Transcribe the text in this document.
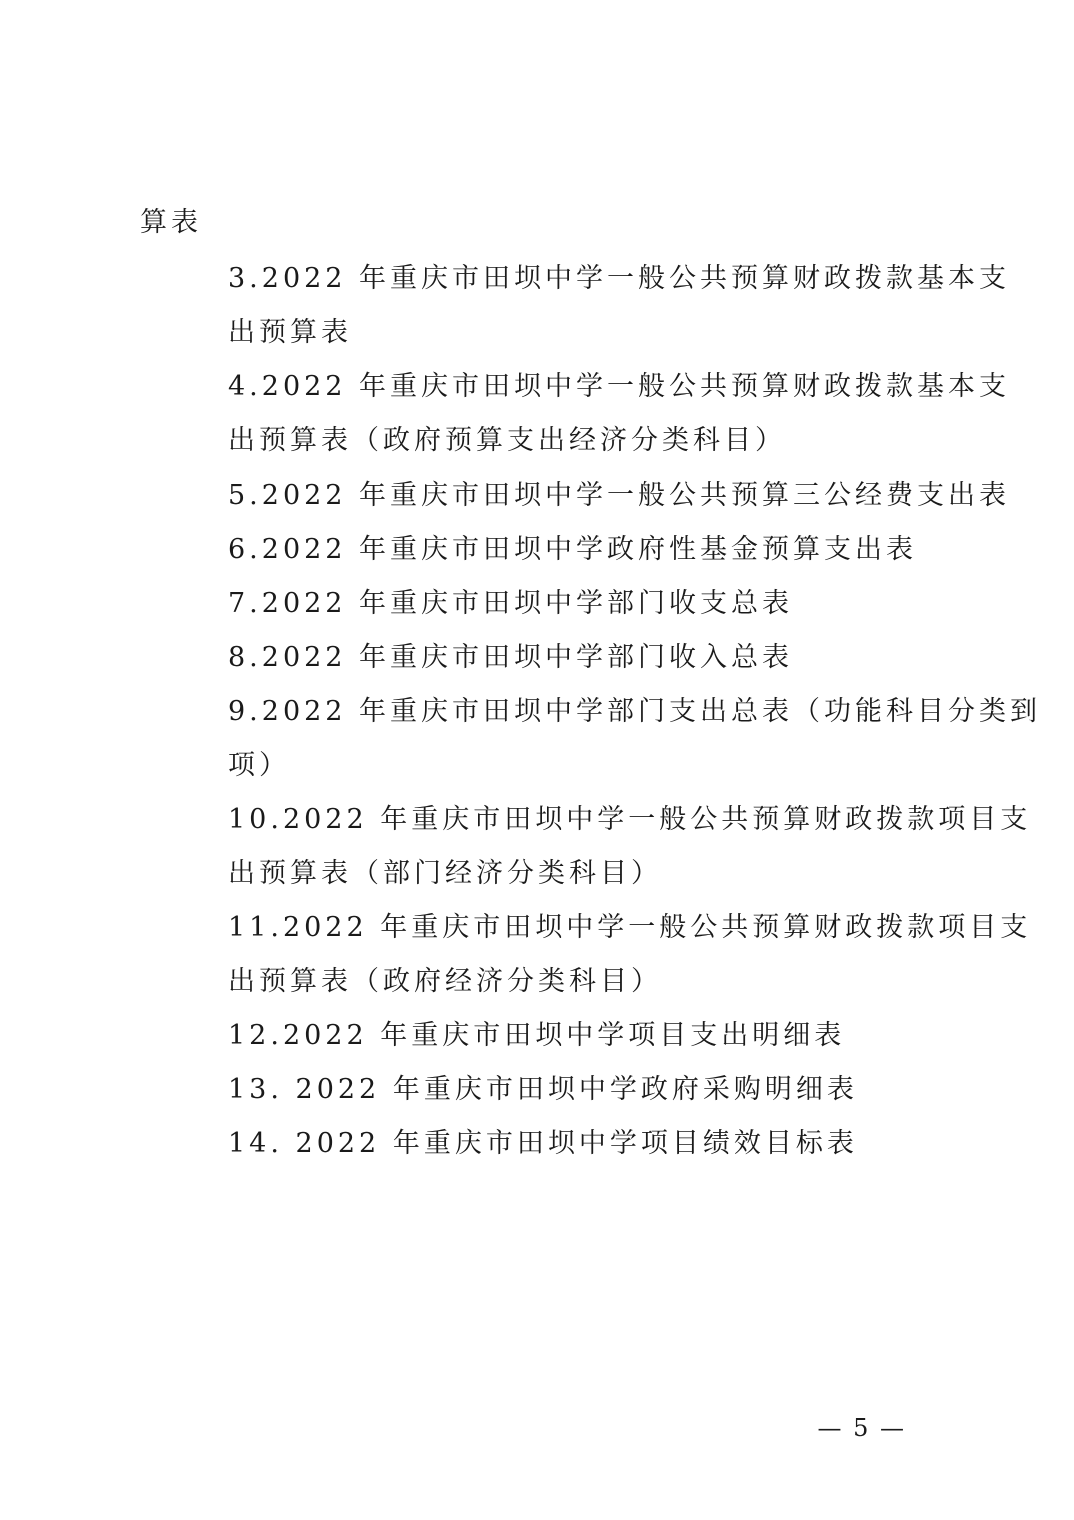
算表
3.2022 年重庆市田坝中学一般公共预算财政拨款基本支
出预算表
4.2022 年重庆市田坝中学一般公共预算财政拨款基本支
出预算表（政府预算支出经济分类科目）
5.2022 年重庆市田坝中学一般公共预算三公经费支出表
6.2022 年重庆市田坝中学政府性基金预算支出表
7.2022 年重庆市田坝中学部门收支总表
8.2022 年重庆市田坝中学部门收入总表
9.2022 年重庆市田坝中学部门支出总表（功能科目分类到
项）
10.2022 年重庆市田坝中学一般公共预算财政拨款项目支
出预算表（部门经济分类科目）
11.2022 年重庆市田坝中学一般公共预算财政拨款项目支
出预算表（政府经济分类科目）
12.2022 年重庆市田坝中学项目支出明细表
13. 2022 年重庆市田坝中学政府采购明细表
14. 2022 年重庆市田坝中学项目绩效目标表
— 5 —
